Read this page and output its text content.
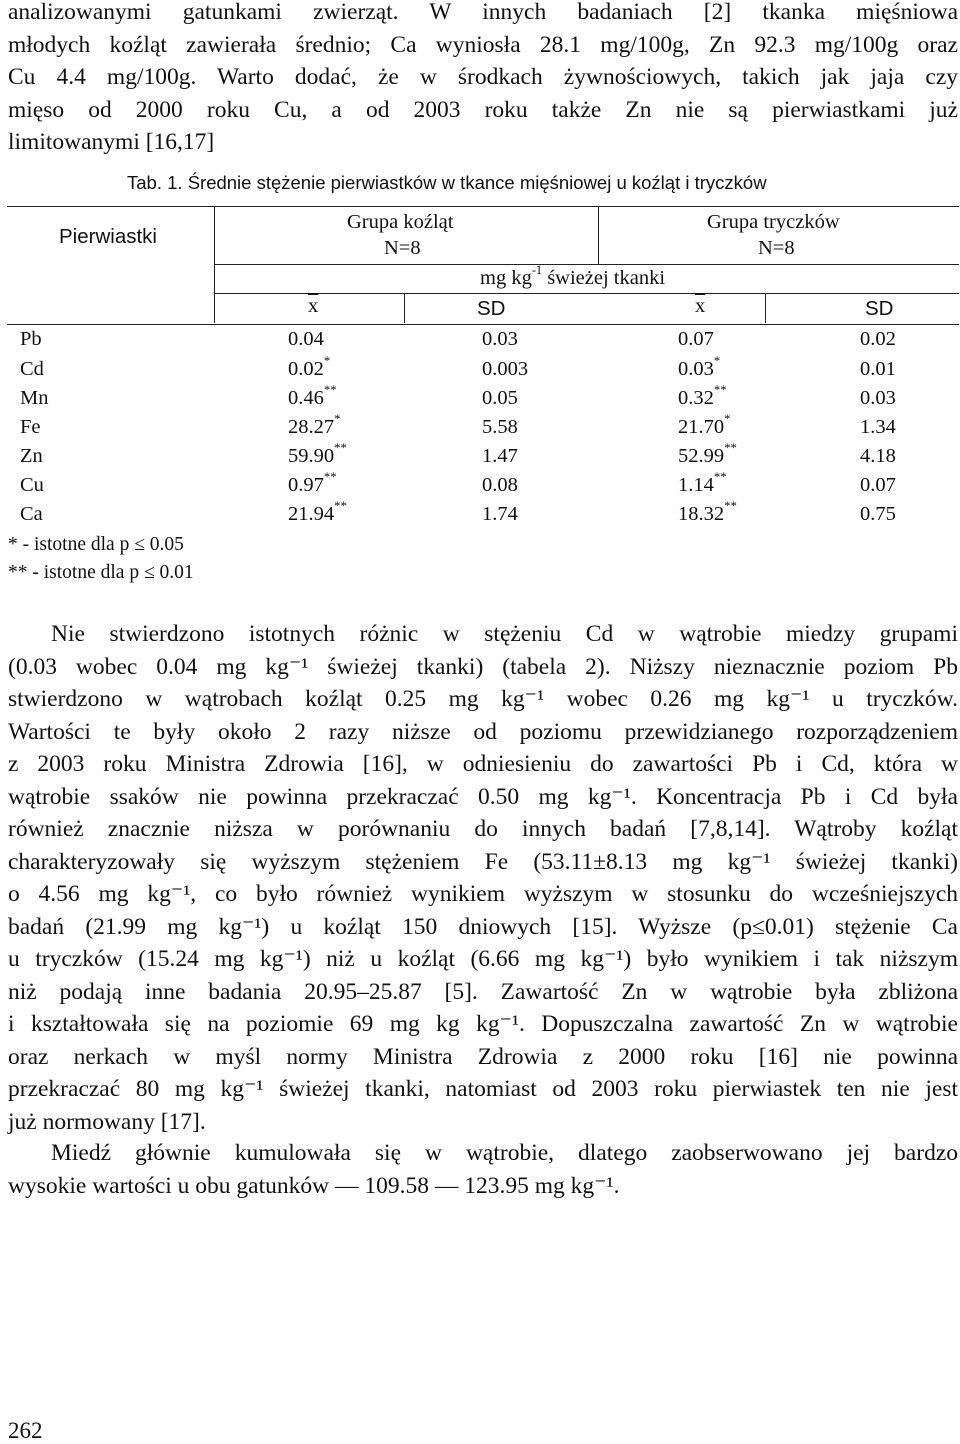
analizowanymi gatunkami zwierząt. W innych badaniach [2] tkanka mięśniowa
młodych koźląt zawierała średnio; Ca wyniosła 28.1 mg/100g, Zn 92.3 mg/100g oraz
Cu 4.4 mg/100g. Warto dodać, że w środkach żywnościowych, takich jak jaja czy
mięso od 2000 roku Cu, a od 2003 roku także Zn nie są pierwiastkami już
limitowanymi [16,17]
Tab. 1. Średnie stężenie pierwiastków w tkance mięśniowej u koźląt i tryczków
Pierwiastki
Grupa koźląt
N=8
Grupa tryczków
N=8
mg $kg^{-1}$ świeżej tkanki
$\overline{x}$	SD	$\overline{x}$	SD
Pb	0.04	0.03	0.07	0.02
Cd	0.02*	0.003	0.03*	0.01
Mn	0.46**	0.05	0.32**	0.03
Fe	28.27*	5.58	21.70*	1.34
Zn	59.90**	1.47	52.99**	4.18
Cu	0.97**	0.08	1.14**	0.07
Ca	21.94**	1.74	18.32**	0.75
* - istotne dla p ≤ 0.05
** - istotne dla p ≤ 0.01
Nie stwierdzono istotnych różnic w stężeniu Cd w wątrobie miedzy grupami
(0.03 wobec 0.04 mg kg⁻¹ świeżej tkanki) (tabela 2). Niższy nieznacznie poziom Pb
stwierdzono w wątrobach koźląt 0.25 mg kg⁻¹ wobec 0.26 mg kg⁻¹ u tryczków.
Wartości te były około 2 razy niższe od poziomu przewidzianego rozporządzeniem
z 2003 roku Ministra Zdrowia [16], w odniesieniu do zawartości Pb i Cd, która w
wątrobie ssaków nie powinna przekraczać 0.50 mg kg⁻¹. Koncentracja Pb i Cd była
również znacznie niższa w porównaniu do innych badań [7,8,14]. Wątroby koźląt
charakteryzowały się wyższym stężeniem Fe (53.11±8.13 mg kg⁻¹ świeżej tkanki)
o 4.56 mg kg⁻¹, co było również wynikiem wyższym w stosunku do wcześniejszych
badań (21.99 mg kg⁻¹) u koźląt 150 dniowych [15]. Wyższe (p≤0.01) stężenie Ca
u tryczków (15.24 mg kg⁻¹) niż u koźląt (6.66 mg kg⁻¹) było wynikiem i tak niższym
niż podają inne badania 20.95–25.87 [5]. Zawartość Zn w wątrobie była zbliżona
i kształtowała się na poziomie 69 mg kg kg⁻¹. Dopuszczalna zawartość Zn w wątrobie
oraz nerkach w myśl normy Ministra Zdrowia z 2000 roku [16] nie powinna
przekraczać 80 mg kg⁻¹ świeżej tkanki, natomiast od 2003 roku pierwiastek ten nie jest
już normowany [17].
Miedź głównie kumulowała się w wątrobie, dlatego zaobserwowano jej bardzo
wysokie wartości u obu gatunków — 109.58 — 123.95 mg kg⁻¹.
262
